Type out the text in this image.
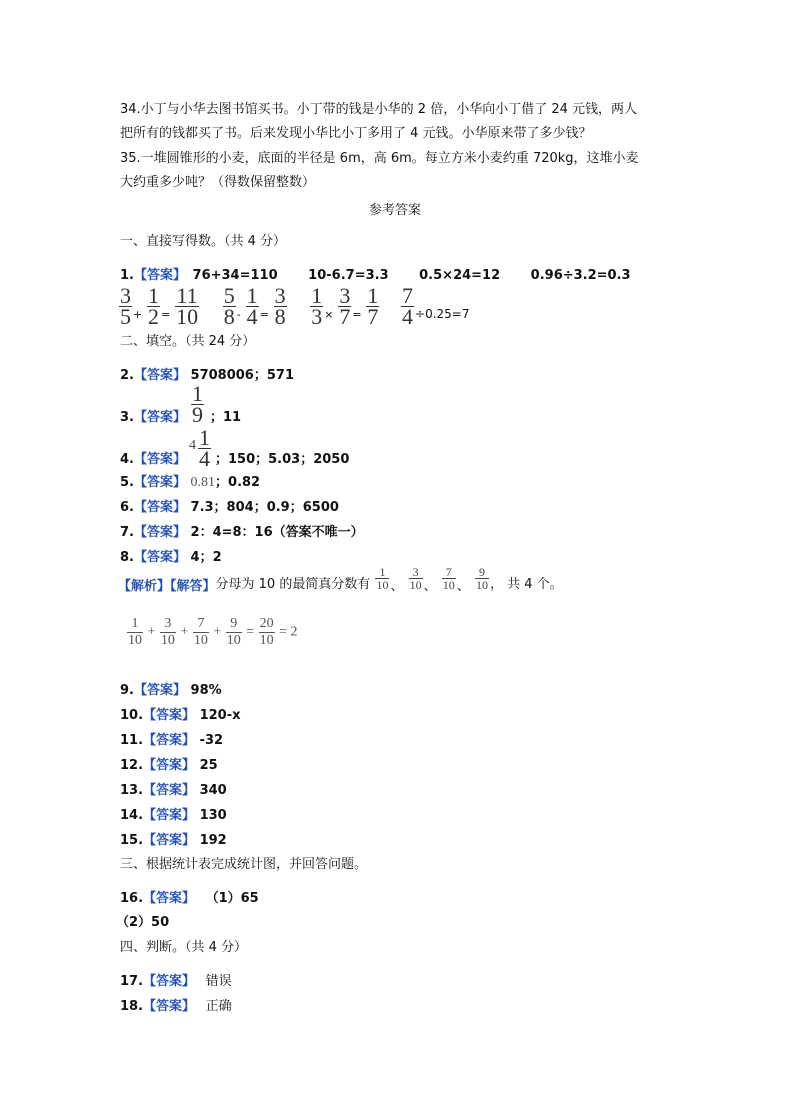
34.小丁与小华去图书馆买书。小丁带的钱是小华的 2 倍，小华向小丁借了 24 元钱，两人
把所有的钱都买了书。后来发现小华比小丁多用了 4 元钱。小华原来带了多少钱？
35.一堆圆锥形的小麦，底面的半径是 6m，高 6m。每立方米小麦约重 720kg，这堆小麦
大约重多少吨？（得数保留整数）
参考答案
一、直接写得数。（共 4 分）
1.【答案】 76+34=110 10-6.7=3.3 0.5×24=12 0.96÷3.2=0.3
$\frac{3}{5} + \frac{1}{2} = \frac{11}{10}$
$\frac{5}{8} - \frac{1}{4} = \frac{3}{8}$
$\frac{1}{3} \times \frac{3}{7} = \frac{1}{7}$
$\frac{7}{4} \div 0.25=7$
二、填空。（共 24 分）
2.【答案】 5708006；571
3.【答案】
1
9 ；11
4.【答案】
4 1
4 ；150；5.03；2050
5.【答案】 0.81；0.82
6.【答案】 7.3；804；0.9；6500
7.【答案】 2：4=8：16（答案不唯一）
8.【答案】 4；2
【解析】【解答】分母为 10 的最简真分数有 $\frac{1}{10}$ 、 $\frac{3}{10}$ 、 $\frac{7}{10}$ 、 $\frac{9}{10}$ ， 共 4 个。
$\frac{1}{10} + \frac{3}{10} + \frac{7}{10} + \frac{9}{10} = \frac{20}{10} = 2$
9.【答案】 98%
10.【答案】 120-x
11.【答案】 -32
12.【答案】 25
13.【答案】 340
14.【答案】 130
15.【答案】 192
三、根据统计表完成统计图，并回答问题。
16.【答案】 （1）65
（2）50
四、判断。（共 4 分）
17.【答案】 错误
18.【答案】 正确
